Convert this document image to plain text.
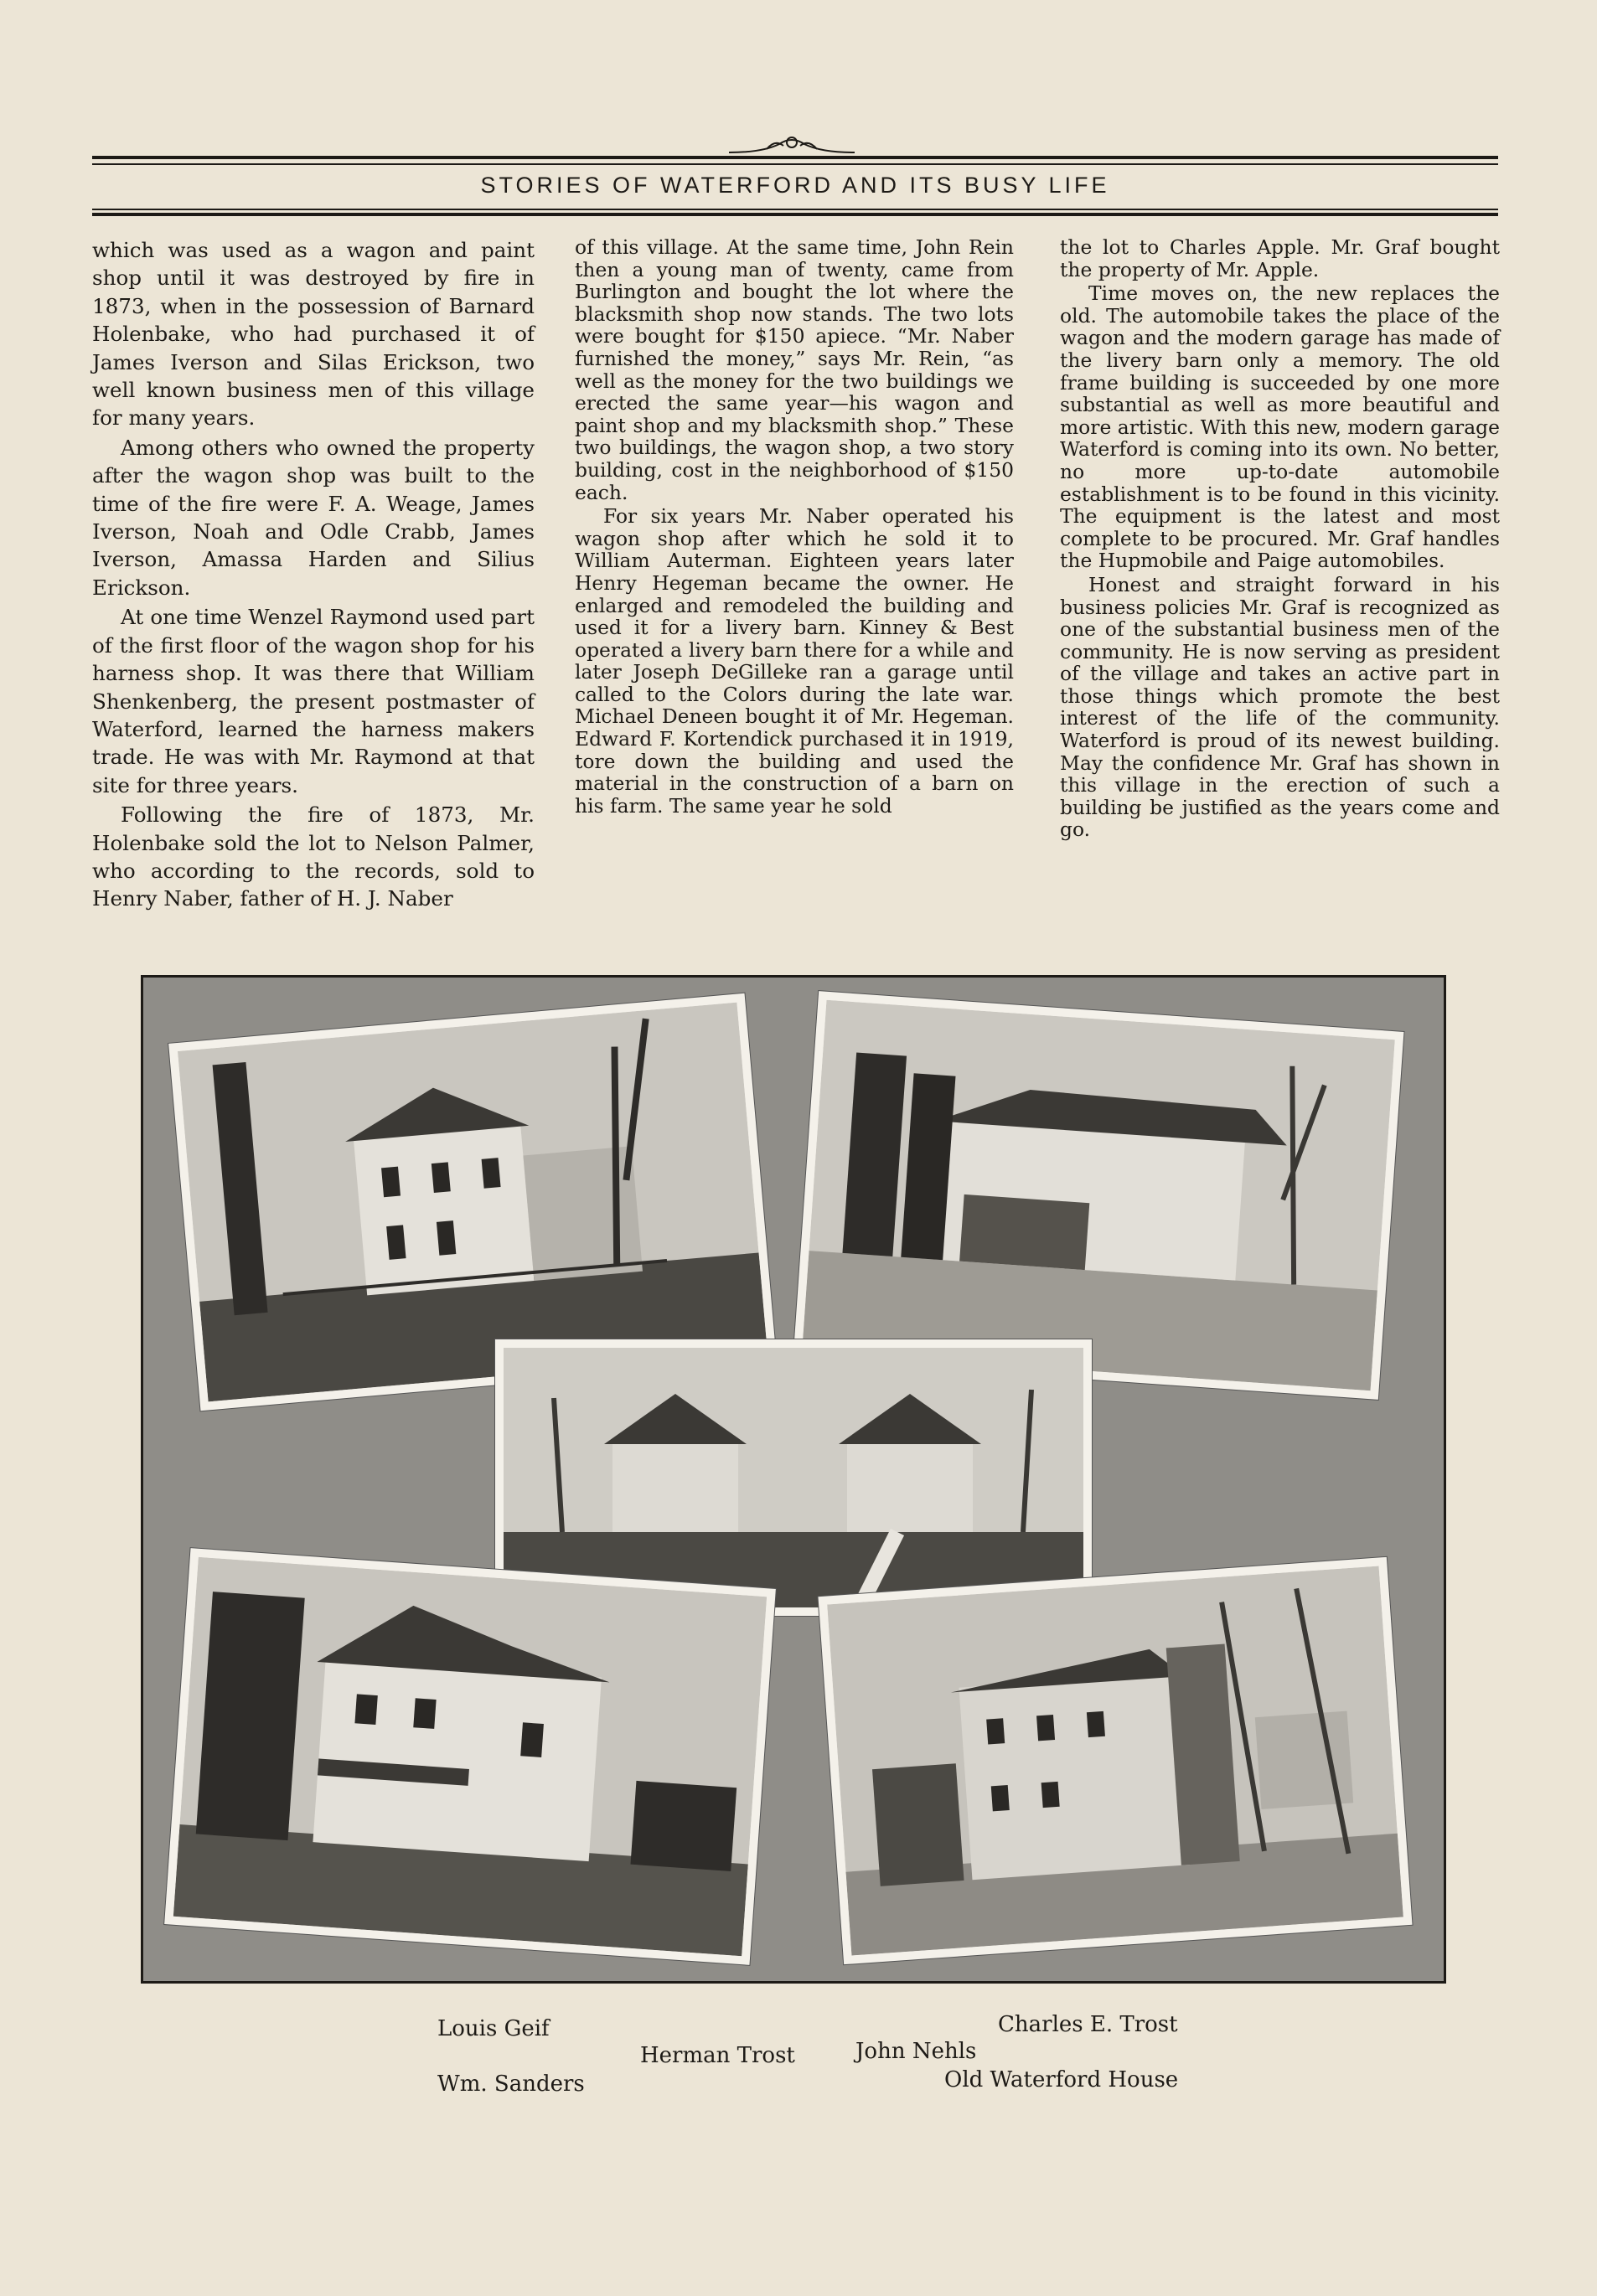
STORIES OF WATERFORD AND ITS BUSY LIFE

which was used as a wagon and paint shop until it was destroyed by fire in 1873, when in the possession of Barnard Holenbake, who had purchased it of James Iverson and Silas Erickson, two well known business men of this village for many years.

Among others who owned the property after the wagon shop was built to the time of the fire were F. A. Weage, James Iverson, Noah and Odle Crabb, James Iverson, Amassa Harden and Silius Erickson.

At one time Wenzel Raymond used part of the first floor of the wagon shop for his harness shop. It was there that William Shenkenberg, the present postmaster of Waterford, learned the harness makers trade. He was with Mr. Raymond at that site for three years.

Following the fire of 1873, Mr. Holenbake sold the lot to Nelson Palmer, who according to the records, sold to Henry Naber, father of H. J. Naber

of this village. At the same time, John Rein then a young man of twenty, came from Burlington and bought the lot where the blacksmith shop now stands. The two lots were bought for $150 apiece. “Mr. Naber furnished the money,” says Mr. Rein, “as well as the money for the two buildings we erected the same year—his wagon and paint shop and my blacksmith shop.” These two buildings, the wagon shop, a two story building, cost in the neighborhood of $150 each.

For six years Mr. Naber operated his wagon shop after which he sold it to William Auterman. Eighteen years later Henry Hegeman became the owner. He enlarged and remodeled the building and used it for a livery barn. Kinney & Best operated a livery barn there for a while and later Joseph DeGilleke ran a garage until called to the Colors during the late war. Michael Deneen bought it of Mr. Hegeman. Edward F. Kortendick purchased it in 1919, tore down the building and used the material in the construction of a barn on his farm. The same year he sold

the lot to Charles Apple. Mr. Graf bought the property of Mr. Apple.

Time moves on, the new replaces the old. The automobile takes the place of the wagon and the modern garage has made of the livery barn only a memory. The old frame building is succeeded by one more substantial as well as more beautiful and more artistic. With this new, modern garage Waterford is coming into its own. No better, no more up-to-date automobile establishment is to be found in this vicinity. The equipment is the latest and most complete to be procured. Mr. Graf handles the Hupmobile and Paige automobiles.

Honest and straight forward in his business policies Mr. Graf is recognized as one of the substantial business men of the community. He is now serving as president of the village and takes an active part in those things which promote the best interest of the life of the community. Waterford is proud of its newest building. May the confidence Mr. Graf has shown in this village in the erection of such a building be justified as the years come and go.

Louis Geif
Herman Trost	John Nehls
Charles E. Trost
Wm. Sanders	Old Waterford House
